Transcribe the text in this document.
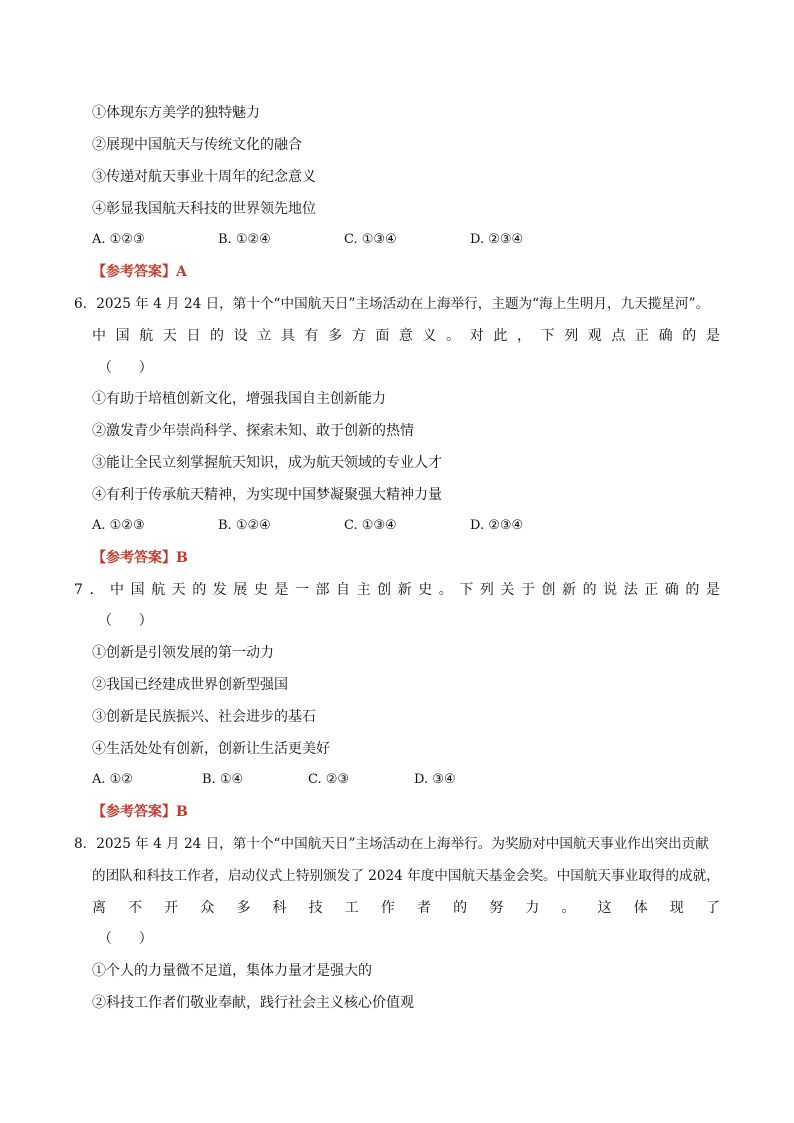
①体现东方美学的独特魅力
②展现中国航天与传统文化的融合
③传递对航天事业十周年的纪念意义
④彰显我国航天科技的世界领先地位
A. ①②③	B. ①②④	C. ①③④	D. ②③④
【参考答案】A
6．2025 年 4 月 24 日，第十个“中国航天日”主场活动在上海举行，主题为“海上生明月，九天揽星河”。
中 国 航 天 日 的 设 立 具 有 多 方 面 意 义 。 对 此 ， 下 列 观 点 正 确 的 是
（      ）
①有助于培植创新文化，增强我国自主创新能力
②激发青少年崇尚科学、探索未知、敢于创新的热情
③能让全民立刻掌握航天知识，成为航天领域的专业人才
④有利于传承航天精神，为实现中国梦凝聚强大精神力量
A. ①②③	B. ①②④	C. ①③④	D. ②③④
【参考答案】B
7 ． 中 国 航 天 的 发 展 史 是 一 部 自 主 创 新 史 。 下 列 关 于 创 新 的 说 法 正 确 的 是
（      ）
①创新是引领发展的第一动力
②我国已经建成世界创新型强国
③创新是民族振兴、社会进步的基石
④生活处处有创新，创新让生活更美好
A. ①②	B. ①④	C. ②③	D. ③④
【参考答案】B
8．2025 年 4 月 24 日，第十个“中国航天日”主场活动在上海举行。为奖励对中国航天事业作出突出贡献
的团队和科技工作者，启动仪式上特别颁发了 2024 年度中国航天基金会奖。中国航天事业取得的成就，
离 不 开 众 多 科 技 工 作 者 的 努 力 。 这 体 现 了
（      ）
①个人的力量微不足道，集体力量才是强大的
②科技工作者们敬业奉献，践行社会主义核心价值观
